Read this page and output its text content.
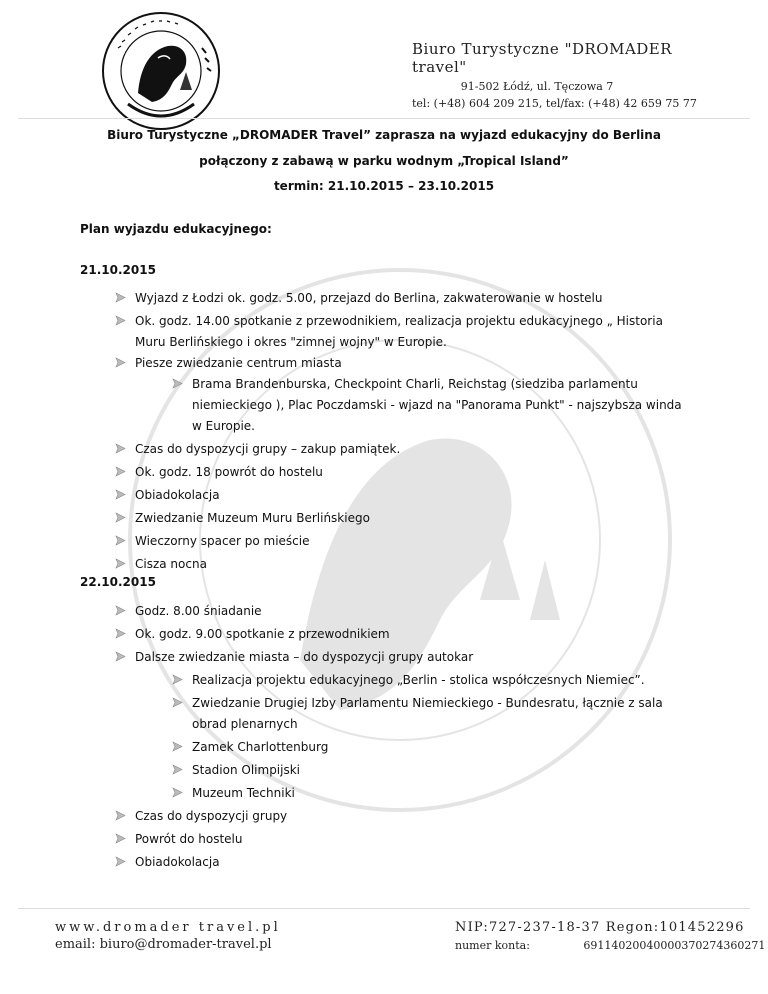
Biuro Turystyczne "DROMADER travel"
91-502 Łódź, ul. Tęczowa 7
tel: (+48) 604 209 215, tel/fax: (+48) 42 659 75 77
Biuro Turystyczne „DROMADER Travel” zaprasza na wyjazd edukacyjny do Berlina
połączony z zabawą w parku wodnym „Tropical Island”
termin: 21.10.2015 – 23.10.2015
Plan wyjazdu edukacyjnego:
21.10.2015
Wyjazd z Łodzi ok. godz. 5.00, przejazd do Berlina, zakwaterowanie w hostelu
Ok. godz. 14.00 spotkanie z przewodnikiem, realizacja projektu edukacyjnego „ Historia
Muru Berlińskiego i okres "zimnej wojny" w Europie.
Piesze zwiedzanie centrum miasta
Brama Brandenburska, Checkpoint Charli, Reichstag (siedziba parlamentu
niemieckiego ), Plac Poczdamski - wjazd na "Panorama Punkt" - najszybsza winda
w Europie.
Czas do dyspozycji grupy – zakup pamiątek.
Ok. godz. 18 powrót do hostelu
Obiadokolacja
Zwiedzanie Muzeum Muru Berlińskiego
Wieczorny spacer po mieście
Cisza nocna
22.10.2015
Godz. 8.00 śniadanie
Ok. godz. 9.00 spotkanie z przewodnikiem
Dalsze zwiedzanie miasta – do dyspozycji grupy autokar
Realizacja projektu edukacyjnego „Berlin - stolica współczesnych Niemiec”.
Zwiedzanie Drugiej Izby Parlamentu Niemieckiego - Bundesratu, łącznie z sala
obrad plenarnych
Zamek Charlottenburg
Stadion Olimpijski
Muzeum Techniki
Czas do dyspozycji grupy
Powrót do hostelu
Obiadokolacja
www.dromader travel.pl
email: biuro@dromader-travel.pl
NIP:727-237-18-37 Regon:101452296
numer konta:	69114020040000370274360271
